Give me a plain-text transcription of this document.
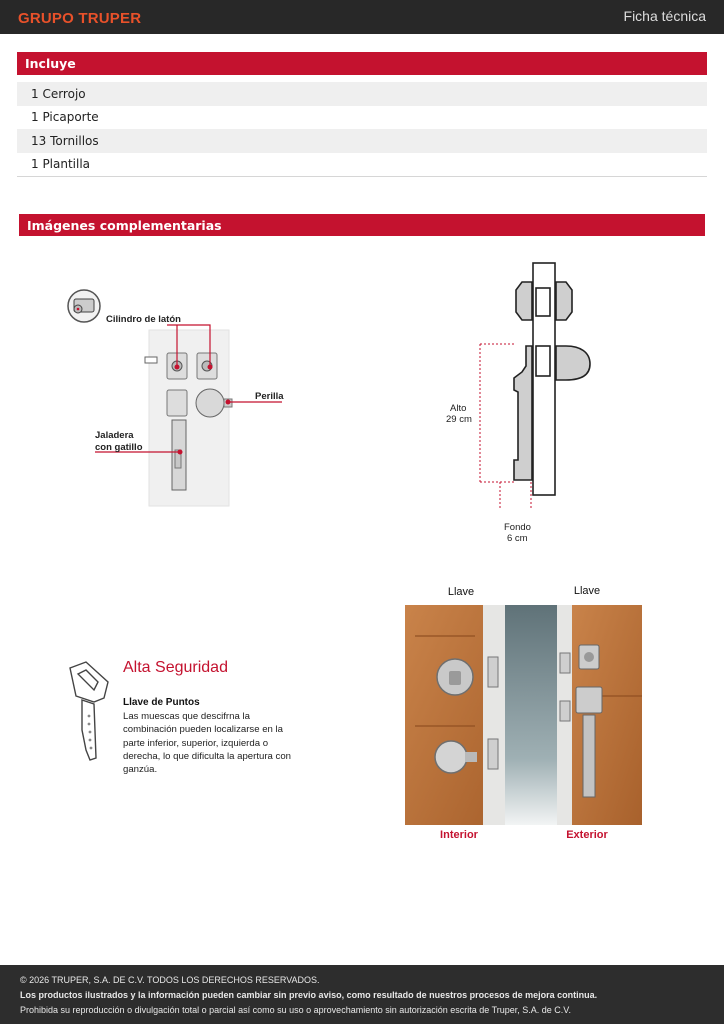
GRUPO TRUPER	Ficha técnica
Incluye
1 Cerrojo
1 Picaporte
13 Tornillos
1 Plantilla
Imágenes complementarias
Cilindro de latón
Perilla
Jaladera
con gatillo
Alto
29 cm
Fondo
6 cm
Alta Seguridad
Llave de Puntos
Las muescas que descifrna la combinación pueden localizarse en la parte inferior, superior, izquierda o derecha, lo que dificulta la apertura con ganzúa.
Llave	Llave
Interior	Exterior
© 2026 TRUPER, S.A. DE C.V. TODOS LOS DERECHOS RESERVADOS.
Los productos ilustrados y la información pueden cambiar sin previo aviso, como resultado de nuestros procesos de mejora continua.
Prohibida su reproducción o divulgación total o parcial así como su uso o aprovechamiento sin autorización escrita de Truper, S.A. de C.V.
